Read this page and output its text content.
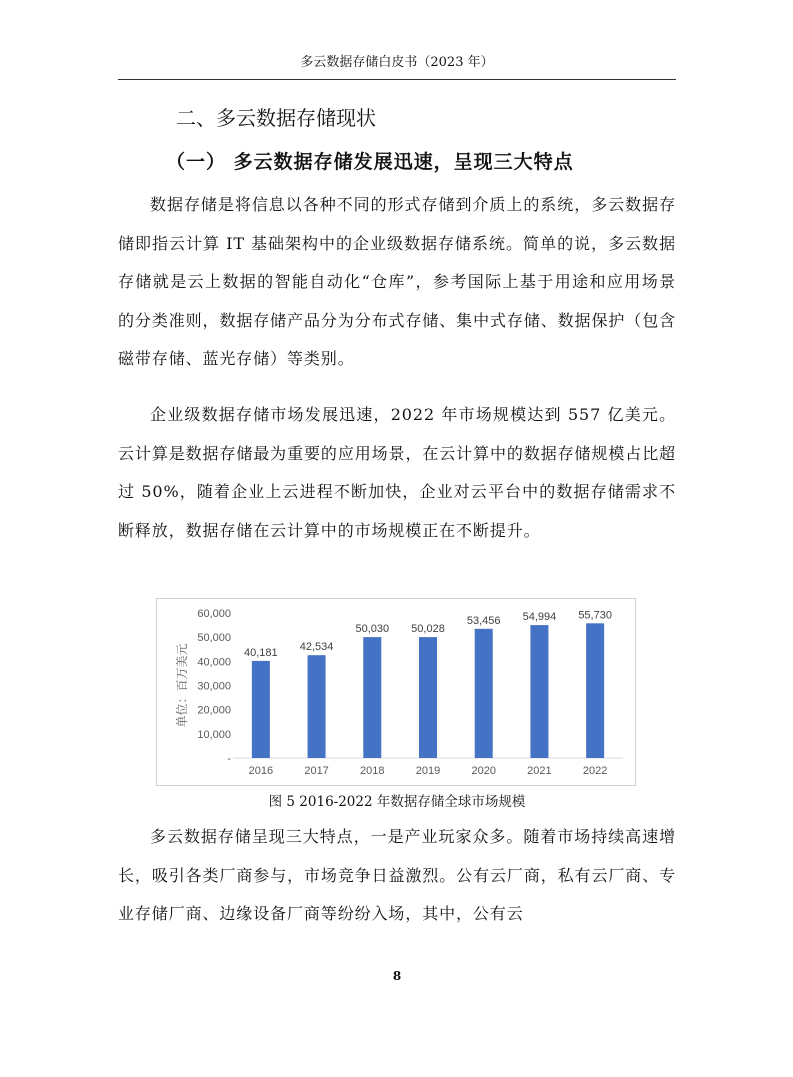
多云数据存储白皮书（2023 年）
二、多云数据存储现状
（一） 多云数据存储发展迅速，呈现三大特点

数据存储是将信息以各种不同的形式存储到介质上的系统，多云数据存储即指云计算 IT 基础架构中的企业级数据存储系统。简单的说，多云数据存储就是云上数据的智能自动化“仓库”，参考国际上基于用途和应用场景的分类准则，数据存储产品分为分布式存储、集中式存储、数据保护（包含磁带存储、蓝光存储）等类别。

企业级数据存储市场发展迅速，2022 年市场规模达到 557 亿美元。云计算是数据存储最为重要的应用场景，在云计算中的数据存储规模占比超过 50%，随着企业上云进程不断加快，企业对云平台中的数据存储需求不断释放，数据存储在云计算中的市场规模正在不断提升。

-
10,000
20,000
30,000
40,000
50,000
60,000
单位：百万美元	40,181
2016
42,534
2017
50,030
2018
50,028
2019
53,456
2020
54,994
2021
55,730
2022
图 5 2016-2022 年数据存储全球市场规模

多云数据存储呈现三大特点，一是产业玩家众多。随着市场持续高速增长，吸引各类厂商参与，市场竞争日益激烈。公有云厂商，私有云厂商、专业存储厂商、边缘设备厂商等纷纷入场，其中，公有云

8
